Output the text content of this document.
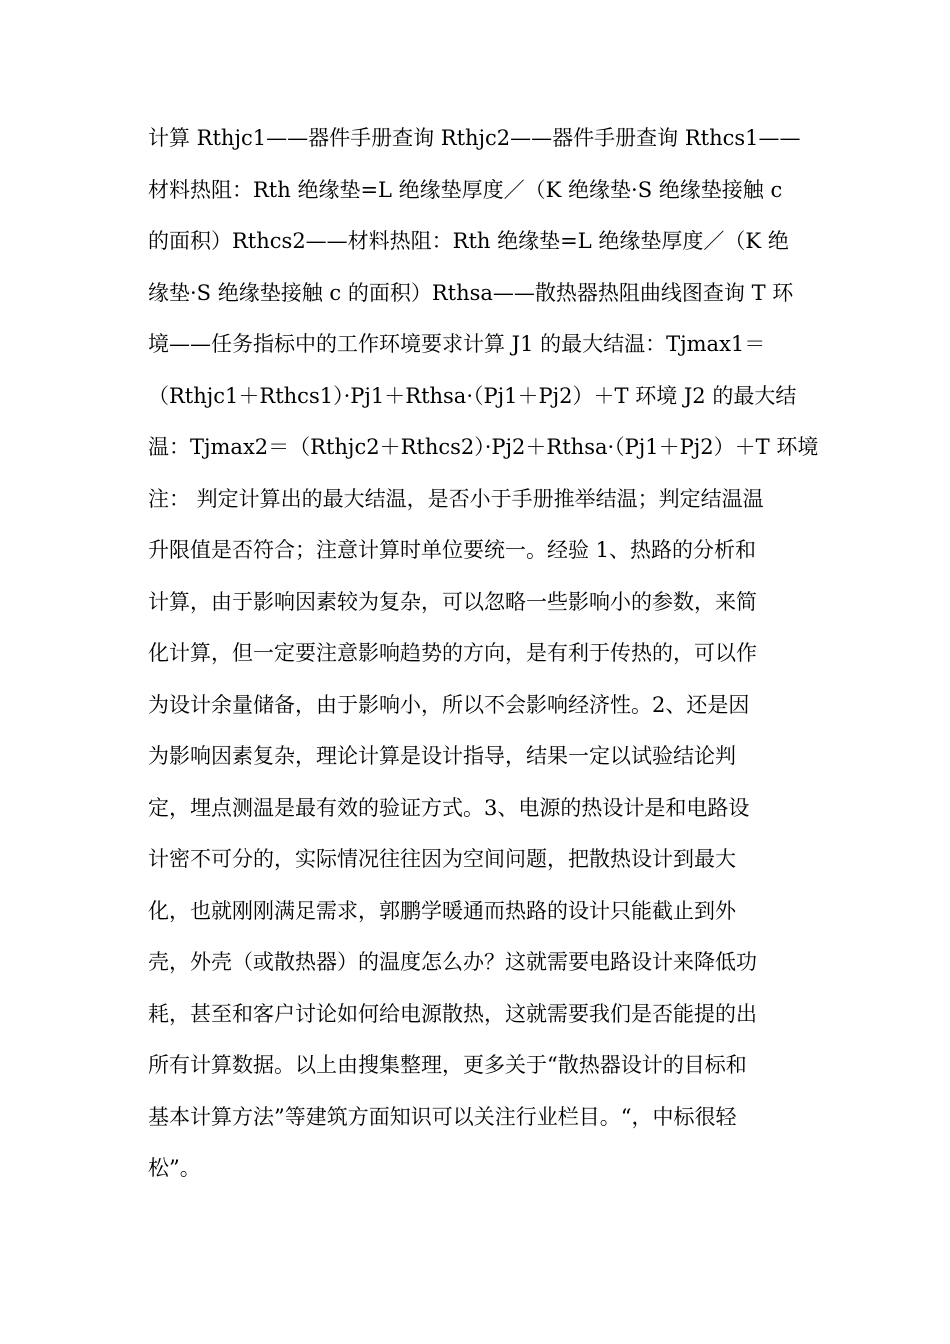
计算 Rthjc1——器件手册查询 Rthjc2——器件手册查询 Rthcs1——
材料热阻：Rth 绝缘垫=L 绝缘垫厚度／（K 绝缘垫·S 绝缘垫接触 c
的面积）Rthcs2——材料热阻：Rth 绝缘垫=L 绝缘垫厚度／（K 绝
缘垫·S 绝缘垫接触 c 的面积）Rthsa——散热器热阻曲线图查询 T 环
境——任务指标中的工作环境要求计算 J1 的最大结温：Tjmax1＝
（Rthjc1＋Rthcs1）·Pj1＋Rthsa·（Pj1＋Pj2）＋T 环境 J2 的最大结
温：Tjmax2＝（Rthjc2＋Rthcs2）·Pj2＋Rthsa·（Pj1＋Pj2）＋T 环境
注： 判定计算出的最大结温，是否小于手册推举结温；判定结温温
升限值是否符合；注意计算时单位要统一。经验 1、热路的分析和
计算，由于影响因素较为复杂，可以忽略一些影响小的参数，来简
化计算，但一定要注意影响趋势的方向，是有利于传热的，可以作
为设计余量储备，由于影响小，所以不会影响经济性。2、还是因
为影响因素复杂，理论计算是设计指导，结果一定以试验结论判
定，埋点测温是最有效的验证方式。3、电源的热设计是和电路设
计密不可分的，实际情况往往因为空间问题，把散热设计到最大
化，也就刚刚满足需求，郭鹏学暖通而热路的设计只能截止到外
壳，外壳（或散热器）的温度怎么办？这就需要电路设计来降低功
耗，甚至和客户讨论如何给电源散热，这就需要我们是否能提的出
所有计算数据。以上由搜集整理，更多关于“散热器设计的目标和
基本计算方法”等建筑方面知识可以关注行业栏目。“，中标很轻
松”。
